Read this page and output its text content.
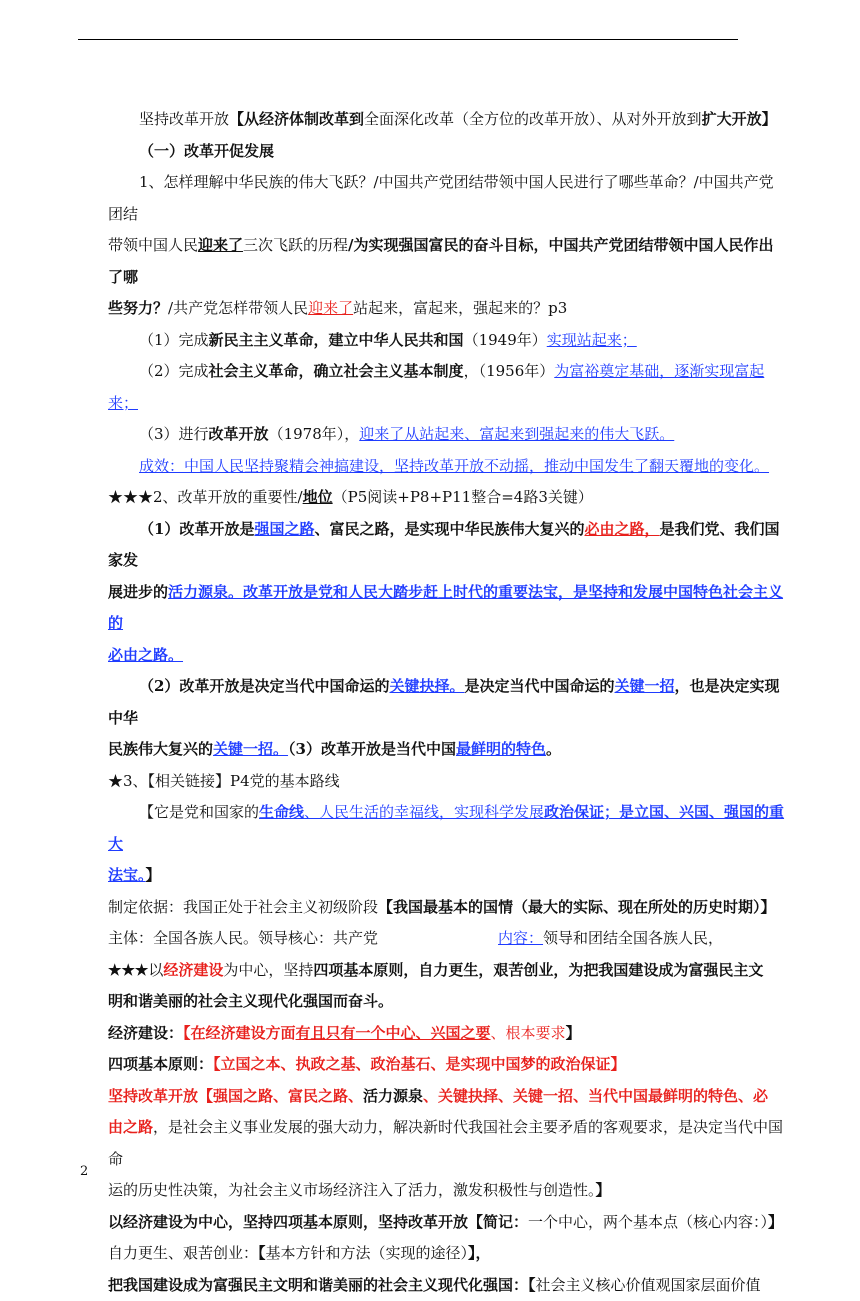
坚持改革开放【从经济体制改革到全面深化改革（全方位的改革开放）、从对外开放到扩大开放】

（一）改革开促发展

1、怎样理解中华民族的伟大飞跃？/中国共产党团结带领中国人民进行了哪些革命？/中国共产党团结

带领中国人民迎来了三次飞跃的历程/为实现强国富民的奋斗目标，中国共产党团结带领中国人民作出了哪

些努力？/共产党怎样带领人民迎来了站起来，富起来，强起来的？p3

（1）完成新民主主义革命，建立中华人民共和国（1949年）实现站起来；

（2）完成社会主义革命，确立社会主义基本制度，（1956年）为富裕奠定基础，逐渐实现富起来；

（3）进行改革开放（1978年），迎来了从站起来、富起来到强起来的伟大飞跃。

成效：中国人民坚持聚精会神搞建设，坚持改革开放不动摇，推动中国发生了翻天覆地的变化。

★★★2、改革开放的重要性/地位（P5阅读+P8+P11整合=4路3关键）

（1）改革开放是强国之路、富民之路，是实现中华民族伟大复兴的必由之路，是我们党、我们国家发

展进步的活力源泉。改革开放是党和人民大踏步赶上时代的重要法宝，是坚持和发展中国特色社会主义的

必由之路。

（2）改革开放是决定当代中国命运的关键抉择。是决定当代中国命运的关键一招，也是决定实现中华

民族伟大复兴的关键一招。（3）改革开放是当代中国最鲜明的特色。

★3、【相关链接】P4党的基本路线

【它是党和国家的生命线、人民生活的幸福线，实现科学发展政治保证；是立国、兴国、强国的重大

法宝。】

制定依据：我国正处于社会主义初级阶段【我国最基本的国情（最大的实际、现在所处的历史时期）】

主体：全国各族人民。领导核心：共产党	内容：领导和团结全国各族人民，

★★★以经济建设为中心，坚持四项基本原则，自力更生，艰苦创业，为把我国建设成为富强民主文

明和谐美丽的社会主义现代化强国而奋斗。

经济建设：【在经济建设方面有且只有一个中心、兴国之要、根本要求】

四项基本原则：【立国之本、执政之基、政治基石、是实现中国梦的政治保证】

坚持改革开放【强国之路、富民之路、活力源泉、关键抉择、关键一招、当代中国最鲜明的特色、必

由之路，是社会主义事业发展的强大动力，解决新时代我国社会主要矛盾的客观要求，是决定当代中国命

运的历史性决策，为社会主义市场经济注入了活力，激发积极性与创造性。】

以经济建设为中心，坚持四项基本原则，坚持改革开放【简记：一个中心，两个基本点（核心内容：）】

自力更生、艰苦创业：【基本方针和方法（实现的途径）】，

把我国建设成为富强民主文明和谐美丽的社会主义现代化强国：【社会主义核心价值观国家层面价值

2
